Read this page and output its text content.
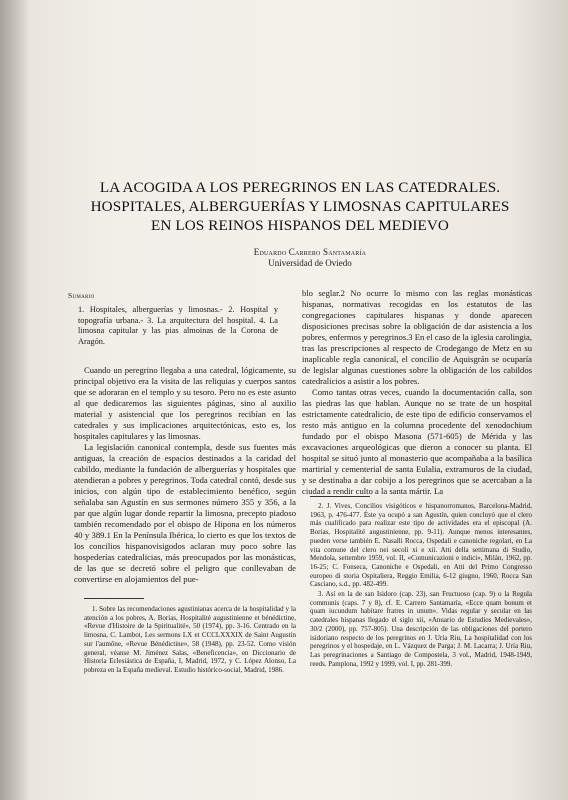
LA ACOGIDA A LOS PEREGRINOS EN LAS CATEDRALES.
HOSPITALES, ALBERGUERÍAS Y LIMOSNAS CAPITULARES
EN LOS REINOS HISPANOS DEL MEDIEVO
Eduardo Carrero Santamaría
Universidad de Oviedo
Sumario
1. Hospitales, alberguerías y limosnas.- 2. Hospital y topografía urbana.- 3. La arquitectura del hospital. 4. La limosna capitular y las pias almoinas de la Corona de Aragón.

Cuando un peregrino llegaba a una catedral, lógicamente, su principal objetivo era la visita de las reliquias y cuerpos santos que se adoraran en el templo y su tesoro. Pero no es este asunto al que dedicaremos las siguientes páginas, sino al auxilio material y asistencial que los peregrinos recibían en las catedrales y sus implicaciones arquitectónicas, esto es, los hospitales capitulares y las limosnas.

La legislación canonical contempla, desde sus fuentes más antiguas, la creación de espacios destinados a la caridad del cabildo, mediante la fundación de alberguerías y hospitales que atendieran a pobres y peregrinos. Toda catedral contó, desde sus inicios, con algún tipo de establecimiento benéfico, según señalaba san Agustín en sus sermones número 355 y 356, a la par que algún lugar donde repartir la limosna, precepto piadoso también recomendado por el obispo de Hipona en los números 40 y 389.1 En la Península Ibérica, lo cierto es que los textos de los concilios hispanovisigodos aclaran muy poco sobre las hospederías catedralicias, más preocupados por las monásticas, de las que se decretó sobre el peligro que conllevaban de convertirse en alojamientos del pue-

blo seglar.2 No ocurre lo mismo con las reglas monásticas hispanas, normativas recogidas en los estatutos de las congregaciones capitulares hispanas y donde aparecen disposiciones precisas sobre la obligación de dar asistencia a los pobres, enfermos y peregrinos.3 En el caso de la iglesia carolingia, tras las prescripciones al respecto de Crodegango de Metz en su inaplicable regla canonical, el concilio de Aquisgrán se ocuparía de legislar algunas cuestiones sobre la obligación de los cabildos catedralicios a asistir a los pobres.

Como tantas otras veces, cuando la documentación calla, son las piedras las que hablan. Aunque no se trate de un hospital estrictamente catedralicio, de este tipo de edificio conservamos el resto más antiguo en la columna procedente del xenodochium fundado por el obispo Masona (571-605) de Mérida y las excavaciones arqueológicas que dieron a conocer su planta. El hospital se situó junto al monasterio que acompañaba a la basílica martirial y cementerial de santa Eulalia, extramuros de la ciudad, y se destinaba a dar cobijo a los peregrinos que se acercaban a la ciudad a rendir culto a la santa mártir. La

1. Sobre las recomendaciones agustinianas acerca de la hospitalidad y la atención a los pobres, A. Borias, Hospitalité augustinienne et bénédictine, «Revue d'Histoire de la Spiritualité», 50 (1974), pp. 3-16. Centrado en la limosna, C. Lambot, Les sermons LX et CCCLXXXIX de Saint Augustin sur l'aumône, «Revue Bénédictine», 58 (1948), pp. 23-52. Como visión general, véanse M. Jiménez Salas, «Beneficencia», en Diccionario de Historia Eclesiástica de España, I, Madrid, 1972, y C. López Alonso, La pobreza en la España medieval. Estudio histórico-social, Madrid, 1986.

2. J. Vives, Concilios visigóticos e hispanorromanos, Barcelona-Madrid, 1963, p. 476-477. Éste ya ocupó a san Agustín, quien concluyó que el clero más cualificado para realizar este tipo de actividades era el episcopal (A. Borias, Hospitalité augustinienne, pp. 9-11). Aunque menos interesantes, pueden verse también E. Nasalli Rocca, Ospedali e canoniche regolari, en La vita comune del clero nei secoli xi e xii. Atti della settimana di Studio, Mendola, settembre 1959, vol. II, «Comunicazioni e indici», Milán, 1962, pp. 16-25; C. Fonseca, Canoniche e Ospedali, en Atti del Primo Congresso europeo di storia Ospitaliera, Reggio Emilia, 6-12 giugno, 1960, Rocca San Casciano, s.d., pp. 482-499.

3. Así en la de san Isidoro (cap. 23), san Fructuoso (cap. 9) o la Regula communis (caps. 7 y 8), cf. E. Carrero Santamaría, «Ecce quam bonum et quam iucundum habitare fratres in unum». Vidas regular y secular en las catedrales hispanas llegado el siglo xii, «Anuario de Estudios Medievales», 30/2 (2000), pp. 757-805). Una descripción de las obligaciones del portero isidoriano respecto de los peregrinos en J. Uría Riu, La hospitalidad con los peregrinos y el hospedaje, en L. Vázquez de Parga; J. M. Lacarra; J. Uría Riu, Las peregrinaciones a Santiago de Compostela, 3 vol., Madrid, 1948-1949, reeds. Pamplona, 1992 y 1999, vol. I, pp. 281-399.
